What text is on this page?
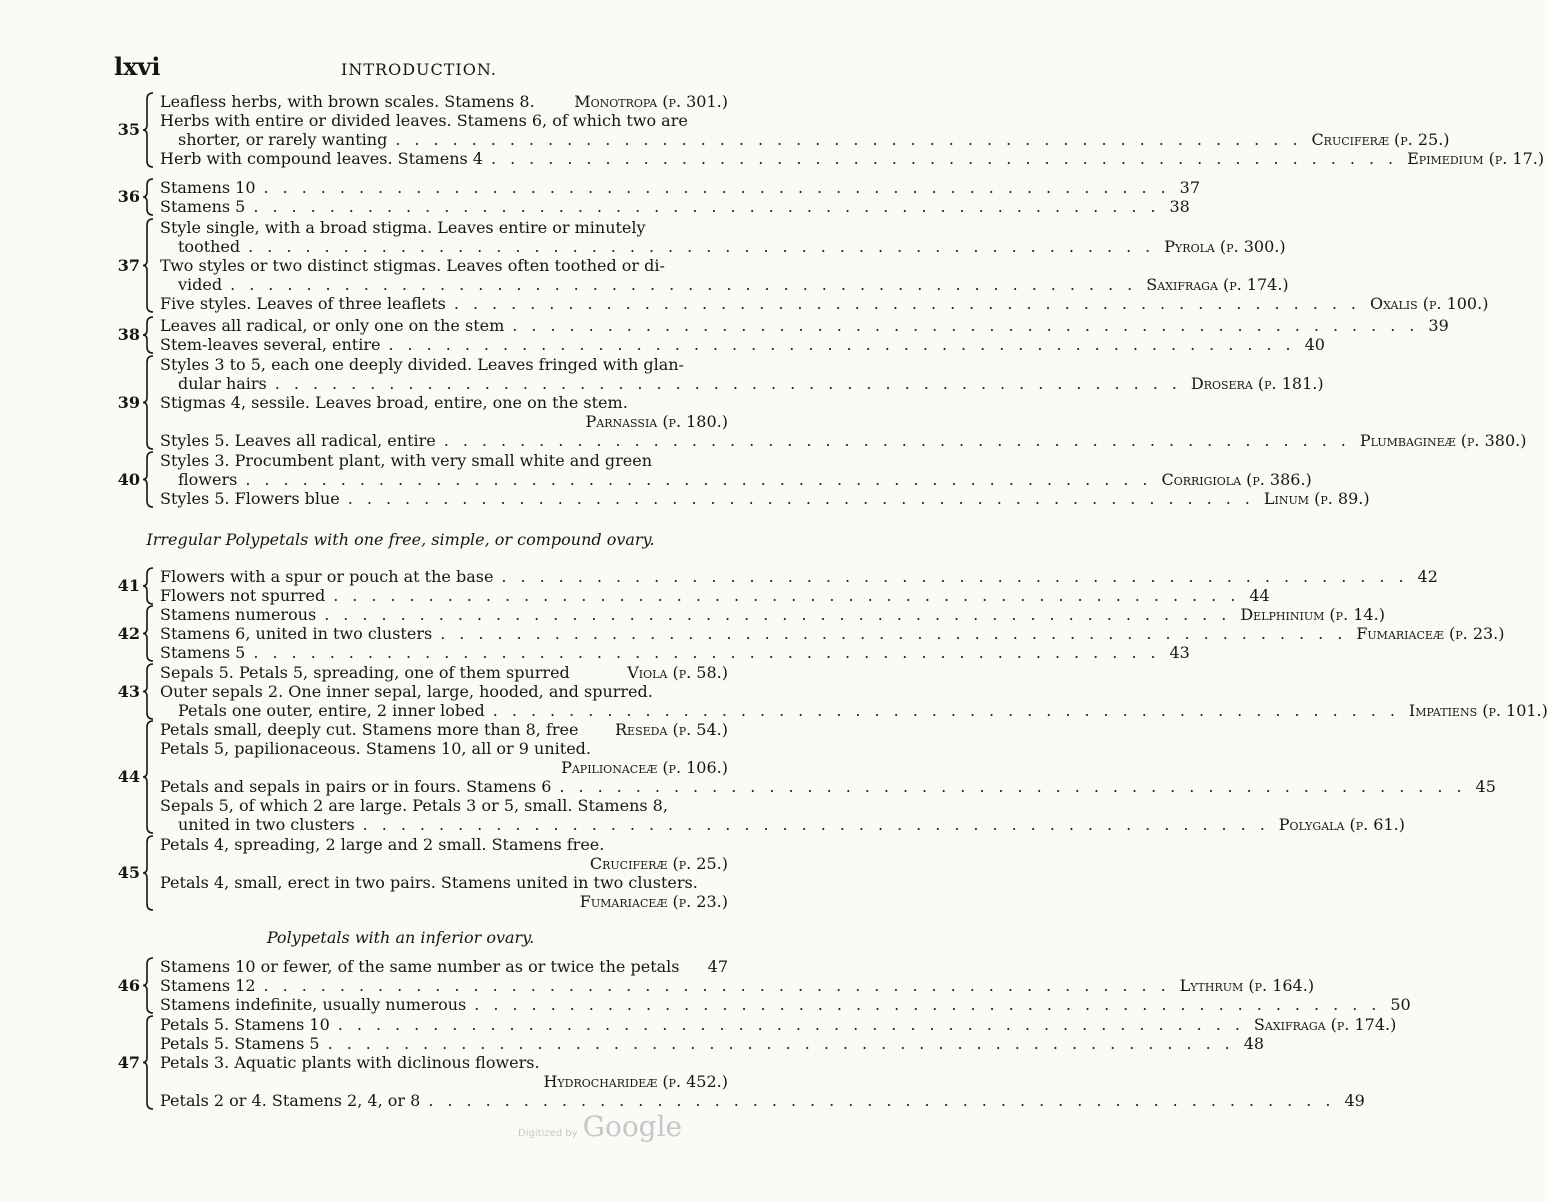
lxvi	INTRODUCTION.
35
Leafless herbs, with brown scales. Stamens 8. Monotropa (p. 301.)
Herbs with entire or divided leaves. Stamens 6, of which two are
shorter, or rarely wanting ................................................ Cruciferæ (p. 25.)
Herb with compound leaves. Stamens 4 ................................................ Epimedium (p. 17.)
36 Stamens 10 ................................................ 37
Stamens 5 ................................................ 38
37
Style single, with a broad stigma. Leaves entire or minutely
toothed ................................................ Pyrola (p. 300.)
Two styles or two distinct stigmas. Leaves often toothed or di-
vided ................................................ Saxifraga (p. 174.)
Five styles. Leaves of three leaflets ................................................ Oxalis (p. 100.)
38 Leaves all radical, or only one on the stem ................................................ 39
Stem-leaves several, entire ................................................ 40
39
Styles 3 to 5, each one deeply divided. Leaves fringed with glan-
dular hairs ................................................ Drosera (p. 181.)
Stigmas 4, sessile. Leaves broad, entire, one on the stem.
Parnassia (p. 180.)
Styles 5. Leaves all radical, entire ................................................ Plumbagineæ (p. 380.)
40
Styles 3. Procumbent plant, with very small white and green
flowers ................................................ Corrigiola (p. 386.)
Styles 5. Flowers blue ................................................ Linum (p. 89.)
41 Flowers with a spur or pouch at the base ................................................ 42
Flowers not spurred ................................................ 44
42
Stamens numerous ................................................ Delphinium (p. 14.)
Stamens 6, united in two clusters ................................................ Fumariaceæ (p. 23.)
Stamens 5 ................................................ 43
43
Sepals 5. Petals 5, spreading, one of them spurred	Viola (p. 58.)
Outer sepals 2. One inner sepal, large, hooded, and spurred.
Petals one outer, entire, 2 inner lobed ................................................ Impatiens (p. 101.)
44
Petals small, deeply cut. Stamens more than 8, free Reseda (p. 54.)
Petals 5, papilionaceous. Stamens 10, all or 9 united.
Papilionaceæ (p. 106.)
Petals and sepals in pairs or in fours. Stamens 6 ................................................ 45
Sepals 5, of which 2 are large. Petals 3 or 5, small. Stamens 8,
united in two clusters ................................................ Polygala (p. 61.)
45
Petals 4, spreading, 2 large and 2 small. Stamens free.
Cruciferæ (p. 25.)
Petals 4, small, erect in two pairs. Stamens united in two clusters.
Fumariaceæ (p. 23.)
46
Stamens 10 or fewer, of the same number as or twice the petals 47
Stamens 12 ................................................ Lythrum (p. 164.)
Stamens indefinite, usually numerous ................................................ 50
47
Petals 5. Stamens 10 ................................................ Saxifraga (p. 174.)
Petals 5. Stamens 5 ................................................ 48
Petals 3. Aquatic plants with diclinous flowers.
Hydrocharideæ (p. 452.)
Petals 2 or 4. Stamens 2, 4, or 8 ................................................ 49
Irregular Polypetals with one free, simple, or compound ovary.
Polypetals with an inferior ovary.
Digitized by Google
